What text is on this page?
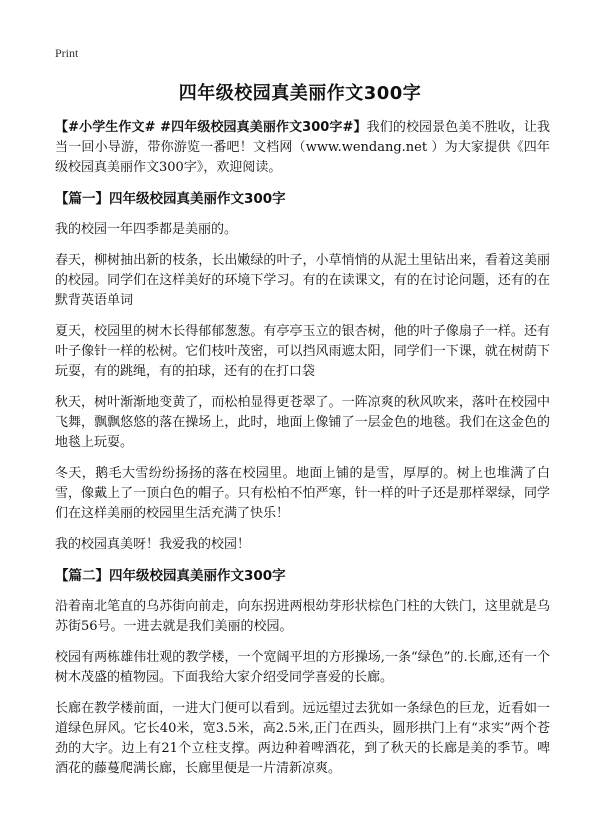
Print
四年级校园真美丽作文300字

【#小学生作文# #四年级校园真美丽作文300字#】我们的校园景色美不胜收，让我当一回小导游，带你游览一番吧！文档网（www.wendang.net ）为大家提供《四年级校园真美丽作文300字》，欢迎阅读。

【篇一】四年级校园真美丽作文300字

我的校园一年四季都是美丽的。

春天，柳树抽出新的枝条，长出嫩绿的叶子，小草悄悄的从泥土里钻出来，看着这美丽的校园。同学们在这样美好的环境下学习。有的在读课文，有的在讨论问题，还有的在默背英语单词

夏天，校园里的树木长得郁郁葱葱。有亭亭玉立的银杏树，他的叶子像扇子一样。还有叶子像针一样的松树。它们枝叶茂密，可以挡风雨遮太阳，同学们一下课，就在树荫下玩耍，有的跳绳，有的拍球，还有的在打口袋

秋天，树叶渐渐地变黄了，而松柏显得更苍翠了。一阵凉爽的秋风吹来，落叶在校园中飞舞，飘飘悠悠的落在操场上，此时，地面上像铺了一层金色的地毯。我们在这金色的地毯上玩耍。

冬天，鹅毛大雪纷纷扬扬的落在校园里。地面上铺的是雪，厚厚的。树上也堆满了白雪，像戴上了一顶白色的帽子。只有松柏不怕严寒，针一样的叶子还是那样翠绿，同学们在这样美丽的校园里生活充满了快乐！

我的校园真美呀！我爱我的校园！

【篇二】四年级校园真美丽作文300字

沿着南北笔直的乌苏街向前走，向东拐进两根幼芽形状棕色门柱的大铁门，这里就是乌苏街56号。一进去就是我们美丽的校园。

校园有两栋雄伟壮观的教学楼，一个宽阔平坦的方形操场,一条“绿色”的.长廊,还有一个树木茂盛的植物园。下面我给大家介绍受同学喜爱的长廊。

长廊在教学楼前面，一进大门便可以看到。远远望过去犹如一条绿色的巨龙，近看如一道绿色屏风。它长40米，宽3.5米，高2.5米,正门在西头，圆形拱门上有“求实”两个苍劲的大字。边上有21个立柱支撑。两边种着啤酒花，到了秋天的长廊是美的季节。啤酒花的藤蔓爬满长廊，长廊里便是一片清新凉爽。
